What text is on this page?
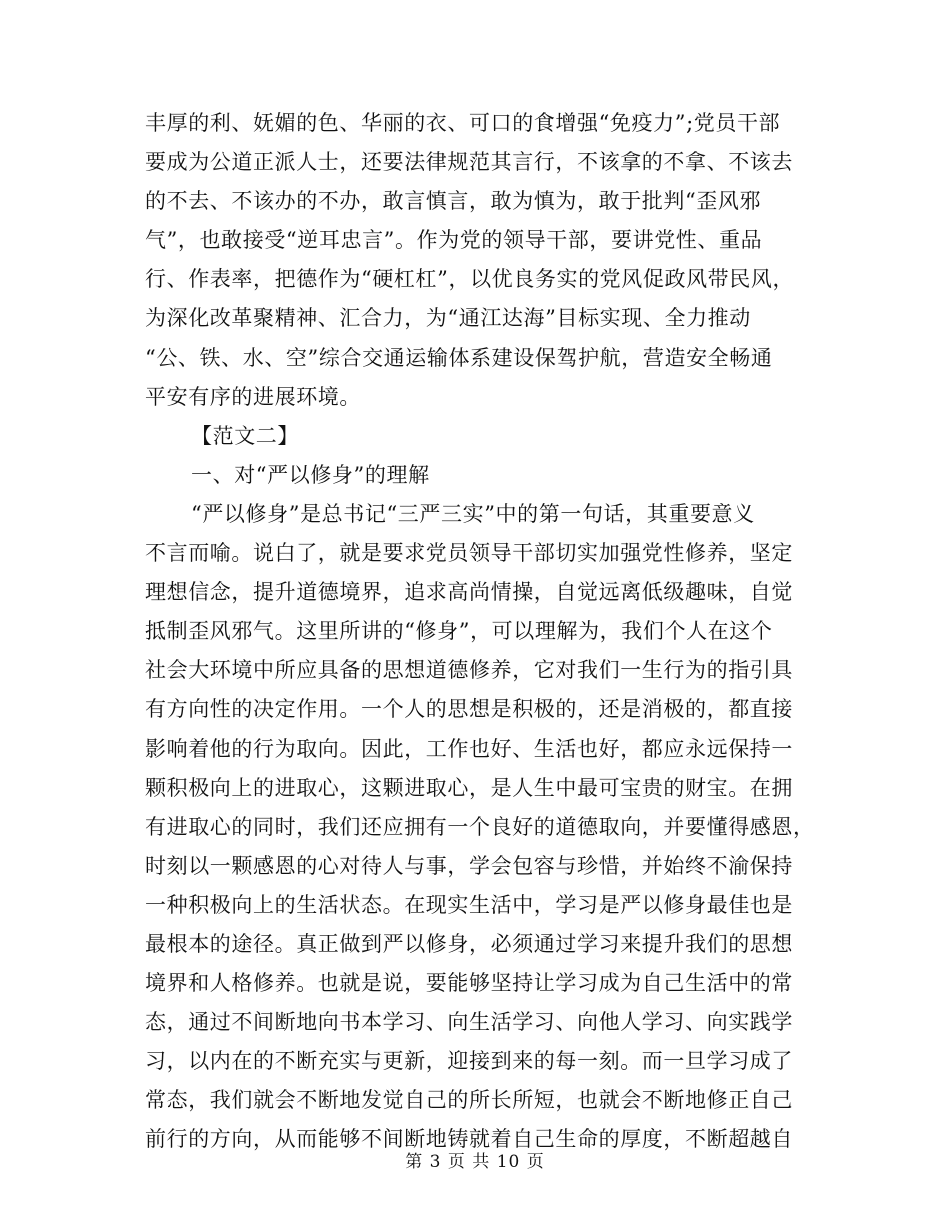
丰厚的利、妩媚的色、华丽的衣、可口的食增强“免疫力”;党员干部
要成为公道正派人士，还要法律规范其言行，不该拿的不拿、不该去
的不去、不该办的不办，敢言慎言，敢为慎为，敢于批判“歪风邪
气”，也敢接受“逆耳忠言”。作为党的领导干部，要讲党性、重品
行、作表率，把德作为“硬杠杠”，以优良务实的党风促政风带民风，
为深化改革聚精神、汇合力，为“通江达海”目标实现、全力推动
“公、铁、水、空”综合交通运输体系建设保驾护航，营造安全畅通
平安有序的进展环境。
【范文二】
一、对“严以修身”的理解
“严以修身”是总书记“三严三实”中的第一句话，其重要意义
不言而喻。说白了，就是要求党员领导干部切实加强党性修养，坚定
理想信念，提升道德境界，追求高尚情操，自觉远离低级趣味，自觉
抵制歪风邪气。这里所讲的“修身”，可以理解为，我们个人在这个
社会大环境中所应具备的思想道德修养，它对我们一生行为的指引具
有方向性的决定作用。一个人的思想是积极的，还是消极的，都直接
影响着他的行为取向。因此，工作也好、生活也好，都应永远保持一
颗积极向上的进取心，这颗进取心，是人生中最可宝贵的财宝。在拥
有进取心的同时，我们还应拥有一个良好的道德取向，并要懂得感恩，
时刻以一颗感恩的心对待人与事，学会包容与珍惜，并始终不渝保持
一种积极向上的生活状态。在现实生活中，学习是严以修身最佳也是
最根本的途径。真正做到严以修身，必须通过学习来提升我们的思想
境界和人格修养。也就是说，要能够坚持让学习成为自己生活中的常
态，通过不间断地向书本学习、向生活学习、向他人学习、向实践学
习，以内在的不断充实与更新，迎接到来的每一刻。而一旦学习成了
常态，我们就会不断地发觉自己的所长所短，也就会不断地修正自己
前行的方向，从而能够不间断地铸就着自己生命的厚度，不断超越自
第 3 页 共 10 页
